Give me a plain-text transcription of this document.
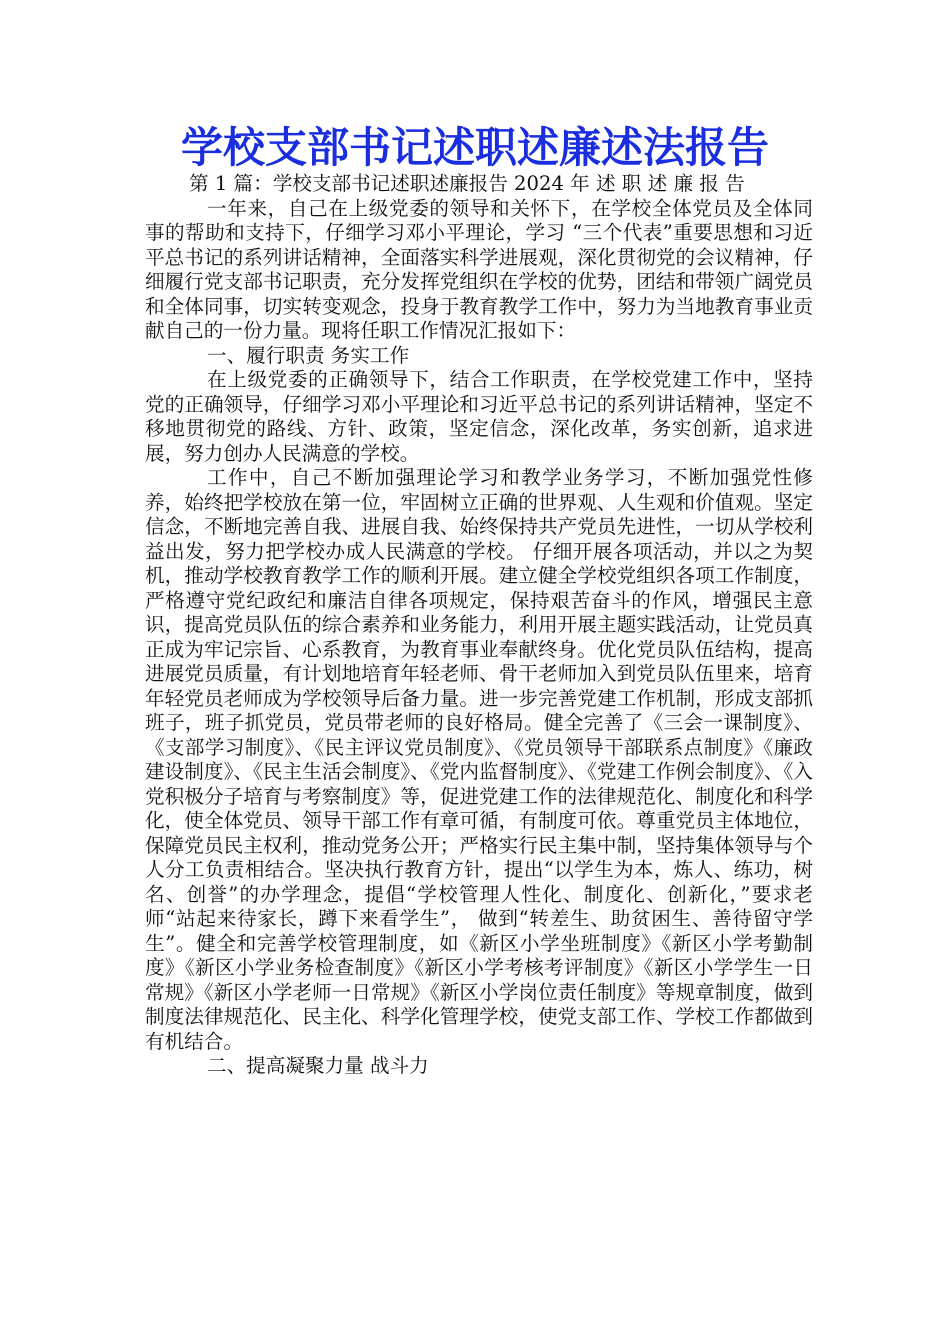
学校支部书记述职述廉述法报告

第 1 篇：学校支部书记述职述廉报告 2024 年 述 职 述 廉 报 告

一年来，自己在上级党委的领导和关怀下，在学校全体党员及全体同事的帮助和支持下，仔细学习邓小平理论，学习 “三个代表”重要思想和习近平总书记的系列讲话精神，全面落实科学进展观，深化贯彻党的会议精神，仔细履行党支部书记职责，充分发挥党组织在学校的优势，团结和带领广阔党员和全体同事，切实转变观念，投身于教育教学工作中，努力为当地教育事业贡献自己的一份力量。现将任职工作情况汇报如下：

一、履行职责 务实工作

在上级党委的正确领导下，结合工作职责，在学校党建工作中，坚持党的正确领导，仔细学习邓小平理论和习近平总书记的系列讲话精神，坚定不移地贯彻党的路线、方针、政策，坚定信念，深化改革，务实创新，追求进展，努力创办人民满意的学校。

工作中，自己不断加强理论学习和教学业务学习，不断加强党性修养，始终把学校放在第一位，牢固树立正确的世界观、人生观和价值观。坚定信念，不断地完善自我、进展自我、始终保持共产党员先进性，一切从学校利益出发，努力把学校办成人民满意的学校。 仔细开展各项活动，并以之为契机，推动学校教育教学工作的顺利开展。建立健全学校党组织各项工作制度，严格遵守党纪政纪和廉洁自律各项规定，保持艰苦奋斗的作风，增强民主意识，提高党员队伍的综合素养和业务能力，利用开展主题实践活动，让党员真正成为牢记宗旨、心系教育，为教育事业奉献终身。优化党员队伍结构，提高进展党员质量，有计划地培育年轻老师、骨干老师加入到党员队伍里来，培育年轻党员老师成为学校领导后备力量。进一步完善党建工作机制，形成支部抓班子，班子抓党员，党员带老师的良好格局。健全完善了《三会一课制度》、《支部学习制度》、《民主评议党员制度》、《党员领导干部联系点制度》《廉政建设制度》、《民主生活会制度》、《党内监督制度》、《党建工作例会制度》、《入党积极分子培育与考察制度》等，促进党建工作的法律规范化、制度化和科学化，使全体党员、领导干部工作有章可循，有制度可依。尊重党员主体地位，保障党员民主权利，推动党务公开；严格实行民主集中制，坚持集体领导与个人分工负责相结合。坚决执行教育方针，提出“以学生为本，炼人、练功，树名、创誉”的办学理念，提倡“学校管理人性化、制度化、创新化，”要求老师“站起来待家长，蹲下来看学生”， 做到“转差生、助贫困生、善待留守学生”。健全和完善学校管理制度，如《新区小学坐班制度》《新区小学考勤制度》《新区小学业务检查制度》《新区小学考核考评制度》《新区小学学生一日常规》《新区小学老师一日常规》《新区小学岗位责任制度》等规章制度，做到制度法律规范化、民主化、科学化管理学校，使党支部工作、学校工作都做到有机结合。

二、提高凝聚力量 战斗力
